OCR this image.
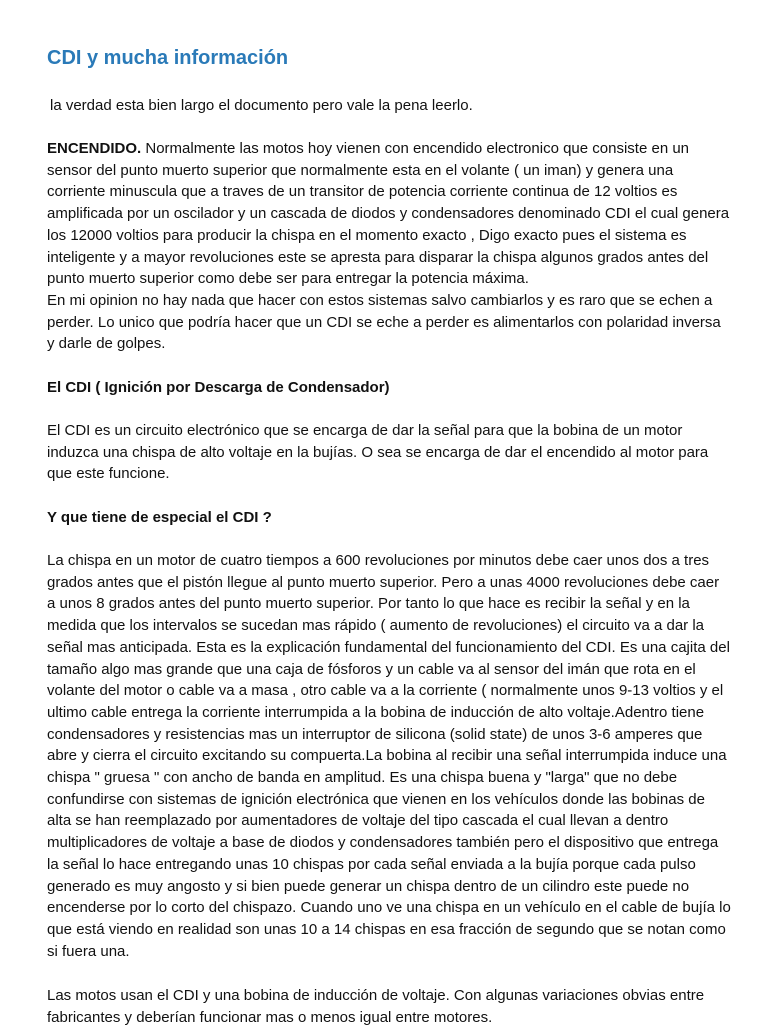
CDI y mucha información

la verdad esta bien largo el documento pero vale la pena leerlo.

ENCENDIDO. Normalmente las motos hoy vienen con encendido electronico que consiste en un sensor del punto muerto superior que normalmente esta en el volante ( un iman) y genera una corriente minuscula que a traves de un transitor de potencia corriente continua de 12 voltios es amplificada por un oscilador y un cascada de diodos y condensadores denominado CDI el cual genera los 12000 voltios para producir la chispa en el momento exacto , Digo exacto pues el sistema es inteligente y a mayor revoluciones este se apresta para disparar la chispa algunos grados antes del punto muerto superior como debe ser para entregar la potencia máxima.

En mi opinion no hay nada que hacer con estos sistemas salvo cambiarlos y es raro que se echen a perder. Lo unico que podría hacer que un CDI se eche a perder es alimentarlos con polaridad inversa y darle de golpes.

El CDI ( Ignición por Descarga de Condensador)

El CDI es un circuito electrónico que se encarga de dar la señal para que la bobina de un motor induzca una chispa de alto voltaje en la bujías. O sea se encarga de dar el encendido al motor para que este funcione.

Y que tiene de especial el CDI ?

La chispa en un motor de cuatro tiempos a 600 revoluciones por minutos debe caer unos dos a tres grados antes que el pistón llegue al punto muerto superior. Pero a unas 4000 revoluciones debe caer a unos 8 grados antes del punto muerto superior. Por tanto lo que hace es recibir la señal y en la medida que los intervalos se sucedan mas rápido ( aumento de revoluciones) el circuito va a dar la señal mas anticipada. Esta es la explicación fundamental del funcionamiento del CDI. Es una cajita del tamaño algo mas grande que una caja de fósforos y un cable va al sensor del imán que rota en el volante del motor o cable va a masa , otro cable va a la corriente ( normalmente unos 9-13 voltios y el ultimo cable entrega la corriente interrumpida a la bobina de inducción de alto voltaje.Adentro tiene condensadores y resistencias mas un interruptor de silicona (solid state) de unos 3-6 amperes que abre y cierra el circuito excitando su compuerta.La bobina al recibir una señal interrumpida induce una chispa " gruesa " con ancho de banda en amplitud. Es una chispa buena y "larga" que no debe confundirse con sistemas de ignición electrónica que vienen en los vehículos donde las bobinas de alta se han reemplazado por aumentadores de voltaje del tipo cascada el cual llevan a dentro multiplicadores de voltaje a base de diodos y condensadores también pero el dispositivo que entrega la señal lo hace entregando unas 10 chispas por cada señal enviada a la bujía porque cada pulso generado es muy angosto y si bien puede generar un chispa dentro de un cilindro este puede no encenderse por lo corto del chispazo. Cuando uno ve una chispa en un vehículo en el cable de bujía lo que está viendo en realidad son unas 10 a 14 chispas en esa fracción de segundo que se notan como si fuera una.

Las motos usan el CDI y una bobina de inducción de voltaje. Con algunas variaciones obvias entre fabricantes y deberían funcionar mas o menos igual entre motores.
